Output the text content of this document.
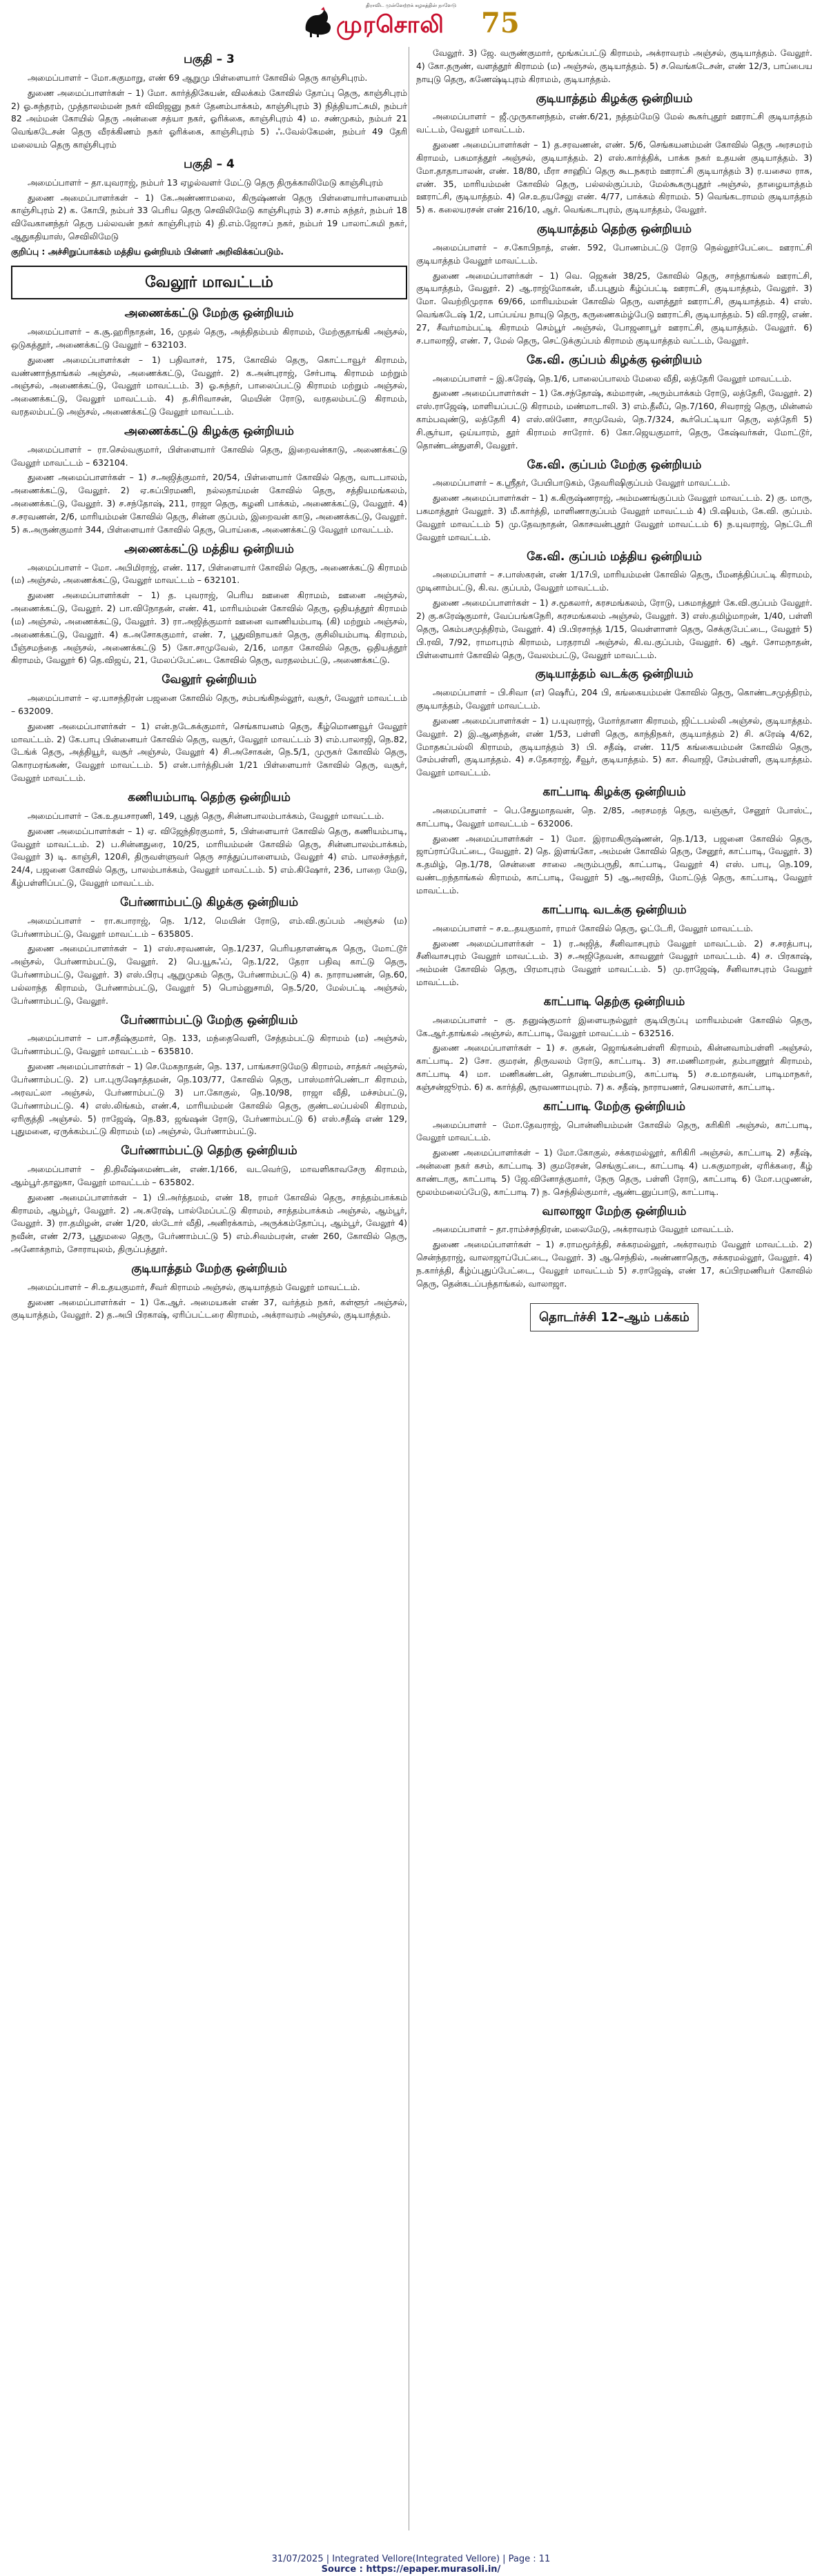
திராவிட முன்னேற்றக் கழகத்தின் நாளேடு
முரசொலி 75
பகுதி – 3

அமைப்பாளர் – மோ.சுகுமாறு, எண் 69 ஆறுமு பிள்ளையார் கோவில் தெரு காஞ்சிபுரம்.

துணை அமைப்பாளர்கள் – 1) மோ. கார்த்திகேயன், விலக்கம் கோவில் தோப்பு தெரு, காஞ்சிபுரம் 2) ஓ.சுந்தரம், முத்தாலம்மன் நகர் விவிஜனு நகர் தேனம்பாக்கம், காஞ்சிபுரம் 3) நித்தியாட்சுமி, நம்பர் 82 அம்மன் கோயில் தெரு அன்னை சத்யா நகர், ஓரிக்கை, காஞ்சிபுரம் 4) ம. சண்முகம், நம்பர் 21 வெங்கடேசன் தெரு வீரக்கிணம் நகர் ஓரிக்கை, காஞ்சிபுரம் 5) ஃ.வேல்கேமன், நம்பர் 49 தேரி மலையம் தெரு காஞ்சிபுரம்

பகுதி – 4

அமைப்பாளர் – தா.யுவராஜ், நம்பர் 13 ஏழல்வளர் மேட்டு தெரு திருக்காலிமேடு காஞ்சிபுரம்

துணை அமைப்பாளர்கள் – 1) கே.அண்ணாமலை, கிருஷ்ணன் தெரு பிள்ளையார்பாளையம் காஞ்சிபுரம் 2) க. கோபி, நம்பர் 33 பெரிய தெரு செவிலிமேடு காஞ்சிபுரம் 3) ச.சாம் சுந்தர், நம்பர் 18 விவேகானந்தர் தெரு பல்லவன் நகர் காஞ்சிபுரம் 4) தி.எம்.ஜோசப் நகர், நம்பர் 19 பாலாட்சுமி நகர், ஆதுகதியாஸ், செவிலிமேடு

குறிப்பு : அச்சிறுப்பாக்கம் மத்திய ஒன்றியம் பின்னர் அறிவிக்கப்படும்.

வேலூர் மாவட்டம்
அணைக்கட்டு மேற்கு ஒன்றியம்

அமைப்பாளர் – க.சூ.ஹரிநாதன், 16, முதல் தெரு, அத்திதம்பம் கிராமம், மேற்குதாங்கி அஞ்சல், ஒடுகத்தூர், அணைக்கட்டு வேலூர் – 632103.

துணை அமைப்பாளர்கள் – 1) பதிவாசர், 175, கோவில் தெரு, கொட்டாவூர் கிராமம், வண்ணாந்தாங்கல் அஞ்சல், அணைக்கட்டு, வேலூர். 2) க.அன்புராஜ், சேர்பாடி கிராமம் மற்றும் அஞ்சல், அணைக்கட்டு, வேலூர் மாவட்டம். 3) ஓ.சுந்தர், பாலைப்பட்டு கிராமம் மற்றும் அஞ்சல், அணைக்கட்டு, வேலூர் மாவட்டம். 4) த.சிரிவாசன், மெயின் ரோடு, வரதலம்பட்டு கிராமம், வரதலம்பட்டு அஞ்சல், அணைக்கட்டு வேலூர் மாவட்டம்.

அணைக்கட்டு கிழக்கு ஒன்றியம்

அமைப்பாளர் – ரா.செல்வகுமார், பிள்ளையார் கோவில் தெரு, இறைவன்காடு, அணைக்கட்டு வேலூர் மாவட்டம் – 632104.

துணை அமைப்பாளர்கள் – 1) ச.அஜித்குமார், 20/54, பிள்ளையார் கோவில் தெரு, வாடபாலம், அணைக்கட்டு, வேலூர். 2) ஏ.சுப்பிரமணி, நல்லதாய்மன் கோவில் தெரு, சத்தியமங்கலம், அணைக்கட்டு, வேலூர். 3) ச.சந்தோஷ், 211, ராஜா தெரு, கழனி பாக்கம், அணைக்கட்டு, வேலூர். 4) ச.சரவணன், 2/6, மாரியம்மன் கோவில் தெரு, சின்ன குப்பம், இறைவன் காடு, அணைக்கட்டு, வேலூர். 5) சு.அருண்குமார் 344, பிள்ளையார் கோவில் தெரு, பொய்கை, அணைக்கட்டு வேலூர் மாவட்டம்.

அணைக்கட்டு மத்திய ஒன்றியம்

அமைப்பாளர் – மோ. அபிமிராஜ், எண். 117, பிள்ளையார் கோவில் தெரு, அணைக்கட்டு கிராமம் (ம) அஞ்சல், அணைக்கட்டு, வேலூர் மாவட்டம் – 632101.

துணை அமைப்பாளர்கள் – 1) த. புவராஜ், பெரிய ஊனை கிராமம், ஊனை அஞ்சல், அணைக்கட்டு, வேலூர். 2) பா.விநோதன், எண். 41, மாரியம்மன் கோவில் தெரு, ஒதியத்தூர் கிராமம் (ம) அஞ்சல், அணைக்கட்டு, வேலூர். 3) ரா.அஜித்குமார் ஊனை வாணியம்பாடி (கி) மற்றும் அஞ்சல், அணைக்கட்டு, வேலூர். 4) க.அசோககுமார், எண். 7, பூதுவிநாயகர் தெரு, குசிலியம்பாடி கிராமம், பீஞ்சமந்தை அஞ்சல், அணைக்கட்டு 5) கோ.சாமுவேல், 2/16, மாதா கோவில் தெரு, ஒதியத்தூர் கிராமம், வேலூர் 6) தெ.விஜய், 21, மேலப்பேட்டை கோவில் தெரு, வரதலம்பட்டு, அணைக்கட்டு.

வேலூர் ஒன்றியம்

அமைப்பாளர் – ஏ.யாசந்திரன் பஜனை கோவில் தெரு, சம்பங்கிநல்லூர், வசூர், வேலூர் மாவட்டம் – 632009.

துணை அமைப்பாளர்கள் – 1) என்.நடேசுக்குமார், செங்காயனம் தெரு, கீழ்மொணவூர் வேலூர் மாவட்டம். 2) கே.பாபு பின்னையர் கோவில் தெரு, வசூர், வேலூர் மாவட்டம் 3) எம்.பாலாஜி, நெ.82, டேங்க் தெரு, அத்தியூர், வசூர் அஞ்சல், வேலூர் 4) சி.அசோகன், நெ.5/1, முருகர் கோவில் தெரு, கொரமரங்கண், வேலூர் மாவட்டம். 5) என்.பார்த்திபன் 1/21 பிள்ளையார் கோவில் தெரு, வசூர், வேலூர் மாவட்டம்.

கணியம்பாடி தெற்கு ஒன்றியம்

அமைப்பாளர் – கே.உதயசாரணி, 149, புதுத் தெரு, சின்னபாலம்பாக்கம், வேலூர் மாவட்டம்.

துணை அமைப்பாளர்கள் – 1) ஏ. விஜேந்திரகுமார், 5, பிள்ளையார் கோவில் தெரு, கணியம்பாடி, வேலூர் மாவட்டம். 2) ப.சின்னதுரை, 10/25, மாரியம்மன் கோவில் தெரு, சின்னபாலம்பாக்கம், வேலூர் 3) டி. காஞ்சி, 120சி, திருவள்ளுவர் தெரு சாத்துப்பாளையம், வேலூர் 4) எம். பாலச்சந்தர், 24/4, பஜனை கோவில் தெரு, பாலம்பாக்கம், வேலூர் மாவட்டம். 5) எம்.கிஷோர், 236, பாறை மேடு, கீழ்பள்ளிப்பட்டு, வேலூர் மாவட்டம்.

பேர்ணாம்பட்டு கிழக்கு ஒன்றியம்

அமைப்பாளர் – ரா.கபாராஜ், நெ. 1/12, மெயின் ரோடு, எம்.வி.குப்பம் அஞ்சல் (ம) பேர்ணாம்பட்டு, வேலூர் மாவட்டம் – 635805.

துணை அமைப்பாளர்கள் – 1) எஸ்.சரவணன், நெ.1/237, பெரியதாளண்டிசு தெரு, மோட்டூர் அஞ்சல், பேர்ணாம்பட்டு, வேலூர். 2) பெ.யூசுஃப், நெ.1/22, தேரா பதிவு காட்டு தெரு, பேர்ணாம்பட்டு, வேலூர். 3) எஸ்.பிரபு ஆறுமுகம் தெரு, பேர்ணாம்பட்டு 4) சு. நாராயணன், நெ.60, பல்லாந்த கிராமம், பேர்ணாம்பட்டு, வேலூர் 5) பொம்னுசாமி, நெ.5/20, மேல்பட்டி அஞ்சல், பேர்ணாம்பட்டு, வேலூர்.

பேர்ணாம்பட்டு மேற்கு ஒன்றியம்

அமைப்பாளர் – பா.சதீஷ்குமார், நெ. 133, மந்தைவெளி, சேத்தம்பட்டு கிராமம் (ம) அஞ்சல், பேர்ணாம்பட்டு, வேலூர் மாவட்டம் – 635810.

துணை அமைப்பாளர்கள் – 1) செ.மேகநாதன், நெ. 137, பாங்கசாடுமேடு கிராமம், சாத்கர் அஞ்சல், பேர்ணாம்பட்டு. 2) பா.புருஷோத்தமன், நெ.103/77, கோவில் தெரு, பாஸ்மார்பெண்டா கிராமம், அரவட்லா அஞ்சல், பேர்ணாம்பட்டு 3) பா.கோகுல், நெ.10/98, ராஜா வீதி, மச்சம்பட்டு, பேர்ணாம்பட்டு. 4) எஸ்.லிங்கம், எண்.4, மாரியம்மன் கோவில் தெரு, குண்டலப்பல்லி கிராமம், ஏரிகுத்தி அஞ்சல். 5) ராஜேஷ், நெ.83, ஜங்ஷன் ரோடு, பேர்ணாம்பட்டு 6) எஸ்.சதீஷ் எண் 129, புதுமனை, ஏருக்கம்பட்டு கிராமம் (ம) அஞ்சல், பேர்ணாம்பட்டு.

பேர்ணாம்பட்டு தெற்கு ஒன்றியம்

அமைப்பாளர் – தி.திலீஷ்மைண்டன், எண்.1/166, வடவெர்டு, மாவளிகாவசேரு கிராமம், ஆம்பூர்.தாலுகா, வேலூர் மாவட்டம் – 635802.

துணை அமைப்பாளர்கள் – 1) பி.அர்த்தமம், எண் 18, ராமர் கோவில் தெரு, சாத்தம்பாக்கம் கிராமம், ஆம்பூர், வேலூர். 2) அ.சுரேஷ், பால்மேப்பட்டு கிராமம், சாத்தம்பாக்கம் அஞ்சல், ஆம்பூர், வேலூர். 3) ரா.தமிழன், எண் 1/20, ஸ்டோர் வீதி, அனிரக்காம், அருக்கம்தோப்பு, ஆம்பூர், வேலூர் 4) நவீன், எண் 2/73, பூதுமலை தெரு, பேர்ணாம்பட்டு 5) எம்.சிவம்பரன், எண் 260, கோவில் தெரு, அனோக்நாம், சோராயுலம், திருப்பத்தூர்.

குடியாத்தம் மேற்கு ஒன்றியம்

அமைப்பாளர் – சி.உதயகுமார், சீவர் கிராமம் அஞ்சல், குடியாத்தம் வேலூர் மாவட்டம்.

துணை அமைப்பாளர்கள் – 1) கே.ஆர். அமையகன் எண் 37, வர்த்தம் நகர், கள்ளூர் அஞ்சல், குடியாத்தம், வேலூர். 2) த.அபி பிரகாஷ், ஏரிப்பட்டரை கிராமம், அக்ராவரம் அஞ்சல், குடியாத்தம்.

வேலூர். 3) ஜே. வருண்குமார், மூங்கப்பட்டு கிராமம், அக்ராவரம் அஞ்சல், குடியாத்தம். வேலூர். 4) கோ.தருண், வளத்தூர் கிராமம் (ம) அஞ்சல், குடியாத்தம். 5) ச.வெங்கடேசன், எண் 12/3, பாப்பைய நாயுடு தெரு, கணேஷ்டிபுரம் கிராமம், குடியாத்தம்.

குடியாத்தம் கிழக்கு ஒன்றியம்

அமைப்பாளர் – ஜீ.முருகானந்தம், எண்.6/21, நத்தம்மேடு மேல் கூகர்புதூர் ஊராட்சி குடியாத்தம் வட்டம், வேலூர் மாவட்டம்.

துணை அமைப்பாளர்கள் – 1) த.சரவணன், எண். 5/6, செங்கயனம்மன் கோவில் தெரு அரசமரம் கிராமம், பசுமாத்தூர் அஞ்சல், குடியாத்தம். 2) எஸ்.கார்த்திக், பாக்க நகர் உதயன் குடியாத்தம். 3) மோ.தாதாபாலன், எண். 18/80, மீரா சாஹிப் தெரு கூடநகரம் ஊராட்சி குடியாத்தம் 3) ர.யசைல ராசு, எண். 35, மாரியம்மன் கோவில் தெரு, பல்லல்குப்பம், மேல்கூகருபுதூர் அஞ்சல், தாழையாத்தம் ஊராட்சி, குடியாத்தம். 4) செ.உதயசேலு எண். 4/77, பாக்கம் கிராமம். 5) வெங்கடராமம் குடியாத்தம் 5) க. கலையரசன் எண் 216/10, ஆர். வெங்கடாபுரம், குடியாத்தம், வேலூர்.

குடியாத்தம் தெற்கு ஒன்றியம்

அமைப்பாளர் – ச.கோபிநாத், எண். 592, போணம்பட்டு ரோடு நெல்லூர்பேட்டை ஊராட்சி குடியாத்தம் வேலூர் மாவட்டம்.

துணை அமைப்பாளர்கள் – 1) வெ. ஜெகன் 38/25, கோவில் தெரு, சாந்தாங்கல் ஊராட்சி, குடியாத்தம், வேலூர். 2) ஆ.ராஜ்மோகன், மீ.பபுதும் கீழ்ப்பட்டி ஊராட்சி, குடியாத்தம், வேலூர். 3) மோ. வெற்றிமுராசு 69/66, மாரியம்மன் கோவில் தெரு, வளத்தூர் ஊராட்சி, குடியாத்தம். 4) எஸ். வெங்கடேஷ் 1/2, பாப்பய்ய நாயுடு தெரு, கருணைகம்ழ்பேடு ஊராட்சி, குடியாத்தம். 5) வி.ராஜி, எண். 27, சீவர்மாம்பட்டி கிராமம் செம்பூர் அஞ்சல், போஜனாபூர் ஊராட்சி, குடியாத்தம். வேலூர். 6) ச.பாலாஜி, எண். 7, மேல் தெரு, செட்டுக்குப்பம் கிராமம் குடியாத்தம் வட்டம், வேலூர்.

கே.வி. குப்பம் கிழக்கு ஒன்றியம்

அமைப்பாளர் – இ.சுரேஷ், நெ.1/6, பாலைப்பாலம் மேலை வீதி, லத்தேரி வேலூர் மாவட்டம்.

துணை அமைப்பாளர்கள் – 1) கே.சந்தோஷ், கம்மாரன், அரும்பாக்கம் ரோடு, லத்தேரி, வேலூர். 2) எஸ்.ராஜேஷ், மாளியப்பட்டு கிராமம், மண்மாடாலி. 3) எம்.தீலீப், நெ.7/160, சிவராஜ் தெரு, மின்னல் காம்பவுண்டு, லத்தேரி 4) எஸ்.ஸினோ, சாமுவேல், நெ.7/324, கூர்பெட்டியா தெரு, லத்தேரி 5) சி.சூர்யா, ஒய்யாரம், தூர் கிராமம் சாரோர். 6) கோ.ஜெயகுமார், தெரு, கேஷ்வர்கள், மோட்டூர், தொண்டன்துளசி, வேலூர்.

கே.வி. குப்பம் மேற்கு ஒன்றியம்

அமைப்பாளர் – க.ஸ்ரீதர், பேயிபாடுகம், தேவரிஷிகுப்பம் வேலூர் மாவட்டம்.

துணை அமைப்பாளர்கள் – 1) க.கிருஷ்ணராஜ், அம்மணங்குப்பம் வேலூர் மாவட்டம். 2) கு. மாரு, பசுமாத்தூர் வேலூர். 3) மீ.கார்த்தி, மாளிணாகுப்பம் வேலூர் மாவட்டம் 4) பி.ஷியம், கே.வி. குப்பம். வேலூர் மாவட்டம் 5) மு.தேவநாதன், கொசவன்புதூர் வேலூர் மாவட்டம் 6) ந.யுவராஜ், நெட்டேரி வேலூர் மாவட்டம்.

கே.வி. குப்பம் மத்திய ஒன்றியம்

அமைப்பாளர் – ச.பாஸ்கரன், எண் 1/17பி, மாரியம்மன் கோவில் தெரு, பீமனத்திப்பட்டி கிராமம், முடினாம்பட்டு, கி.வ. குப்பம், வேலூர் மாவட்டம்.

துணை அமைப்பாளர்கள் – 1) ச.மூகலார், கரசமங்கலம், ரோடு, பசுமாத்தூர் கே.வி.குப்பம் வேலூர். 2) கு.சுரேஷ்குமார், வேப்பங்கநேரி, கரசமங்கலம் அஞ்சல், வேலூர். 3) எஸ்.தமிழ்மாறன், 1/40, பள்ளி தெரு, கெம்பசமுத்திரம், வேலூர். 4) பி.பிரசாந்த் 1/15, வெள்ளாளர் தெரு, செக்குபேட்டை, வேலூர் 5) பி.ரவி, 7/92, ராமாபுரம் கிராமம், பரதராமி அஞ்சல், கி.வ.குப்பம், வேலூர். 6) ஆர். சோமநாதன், பிள்ளையார் கோவில் தெரு, வேலம்பட்டு, வேலூர் மாவட்டம்.

குடியாத்தம் வடக்கு ஒன்றியம்

அமைப்பாளர் – பி.சிவா (எ) ஷெரீப், 204 பி, கங்கையம்மன் கோவில் தெரு, கொண்டசமுத்திரம், குடியாத்தம், வேலூர் மாவட்டம்.

துணை அமைப்பாளர்கள் – 1) ப.யுவராஜ், மோர்தானா கிராமம், ஜிட்டபல்லி அஞ்சல், குடியாத்தம். வேலூர். 2) இ.ஆனந்தன், எண் 1/53, பள்ளி தெரு, காந்திநகர், குடியாத்தம் 2) சி. சுரேஷ் 4/62, மோதகப்பல்லி கிராமம், குடியாத்தம் 3) பி. சதீஷ், எண். 11/5 கங்கையம்மன் கோவில் தெரு, சேம்பள்ளி, குடியாத்தம். 4) ச.தேகராஜ், சீவூர், குடியாத்தம். 5) கா. சிவாஜி, சேம்பள்ளி, குடியாத்தம். வேலூர் மாவட்டம்.

காட்பாடி கிழக்கு ஒன்றியம்

அமைப்பாளர் – பெ.சேதுமாதவன், நெ. 2/85, அரசமரத் தெரு, வஞ்சூர், சேனூர் போஸ்ட், காட்பாடி, வேலூர் மாவட்டம் – 632006.

துணை அமைப்பாளர்கள் – 1) மோ. இராமகிருஷ்ணன், நெ.1/13, பஜனை கோவில் தெரு, ஜாப்ராப்பேட்டை, வேலூர். 2) தெ. இளங்கோ, அம்மன் கோவில் தெரு, சேனூர், காட்பாடி, வேலூர். 3) க.தமிழ், நெ.1/78, சென்னை சாலை அரும்பருதி, காட்பாடி, வேலூர் 4) எஸ். பாபு, நெ.109, வண்டறந்தாங்கல் கிராமம், காட்பாடி, வேலூர் 5) ஆ.அரவிந், மோட்டுத் தெரு, காட்பாடி, வேலூர் மாவட்டம்.

காட்பாடி வடக்கு ஒன்றியம்

அமைப்பாளர் – ச.உ.தயகுமார், ராமர் கோவில் தெரு, ஓட்டேரி, வேலூர் மாவட்டம்.

துணை அமைப்பாளர்கள் – 1) ர.அஜித், சீனிவாசபுரம் வேலூர் மாவட்டம். 2) ச.சரத்பாபு, சீனிவாசபுரம் வேலூர் மாவட்டம். 3) ச.அஜிதேவன், காவனூர் வேலூர் மாவட்டம். 4) ச. பிரகாஷ், அம்மன் கோவில் தெரு, பிரமாபுரம் வேலூர் மாவட்டம். 5) மு.ராஜேஷ், சீனிவாசபுரம் வேலூர் மாவட்டம்.

காட்பாடி தெற்கு ஒன்றியம்

அமைப்பாளர் – கு. தனுஷ்குமார் இளையநல்லூர் குடியிருப்பு மாரியம்மன் கோவில் தெரு, கே.ஆர்.தாங்கல் அஞ்சல், காட்பாடி, வேலூர் மாவட்டம் – 632516.

துணை அமைப்பாளர்கள் – 1) ச. குகன், ஜொங்கன்பள்ளி கிராமம், கின்னவாம்பள்ளி அஞ்சல், காட்பாடி. 2) சோ. குமரன், திருவலம் ரோடு, காட்பாடி. 3) சா.மணிமாறன், தம்பாணூர் கிராமம், காட்பாடி 4) மா. மணிகண்டன், தொண்டாமம்பாடு, காட்பாடி 5) ச.உமாதவன், பாடிமாநகர், கஞ்சன்ஜூரம். 6) க. கார்த்தி, சூரவணாமபுரம். 7) சு. சதீஷ், நாராயணர், செயலாளர், காட்பாடி.

காட்பாடி மேற்கு ஒன்றியம்

அமைப்பாளர் – மோ.தேவராஜ், பொன்னியம்மன் கோவில் தெரு, கரிகிரி அஞ்சல், காட்பாடி, வேலூர் மாவட்டம்.

துணை அமைப்பாளர்கள் – 1) மோ.கோகுல், சக்கரமல்லூர், கரிகிரி அஞ்சல், காட்பாடி 2) சதீஷ், அன்னை நகர் கசம், காட்பாடி 3) குமரேசன், செங்குட்டை, காட்பாடி 4) ப.சுகுமாறன், ஏரிக்கரை, கீழ் காண்டாகு, காட்பாடி 5) ஜே.வினோத்குமார், நேரு தெரு, பள்ளி ரோடு, காட்பாடி 6) மோ.பழுணன், மூலம்மலைப்பேடு, காட்பாடி 7) ந. செந்தில்குமார், ஆண்டனுப்பாடு, காட்பாடி.

வாலாஜா மேற்கு ஒன்றியம்

அமைப்பாளர் – தா.ராம்ச்சந்திரன், மலைமேடு, அக்ராவரம் வேலூர் மாவட்டம்.

துணை அமைப்பாளர்கள் – 1) ச.ராமமூர்த்தி, சக்கரமல்லூர், அக்ராவரம் வேலூர் மாவட்டம். 2) சென்ந்தராஜ், வாலாஜாப்பேட்டை, வேலூர். 3) ஆ.செந்தில், அண்ணாதெரு, சக்கரமல்லூர், வேலூர். 4) ந.கார்த்தி, கீழ்ப்புதுப்பேட்டை, வேலூர் மாவட்டம் 5) ச.ராஜேஷ், எண் 17, சுப்பிரமணியர் கோவில் தெரு, தென்கடப்பந்தாங்கல், வாலாஜா.

தொடர்ச்சி 12–ஆம் பக்கம்
31/07/2025 | Integrated Vellore(Integrated Vellore) | Page : 11
Source : https://epaper.murasoli.in/
